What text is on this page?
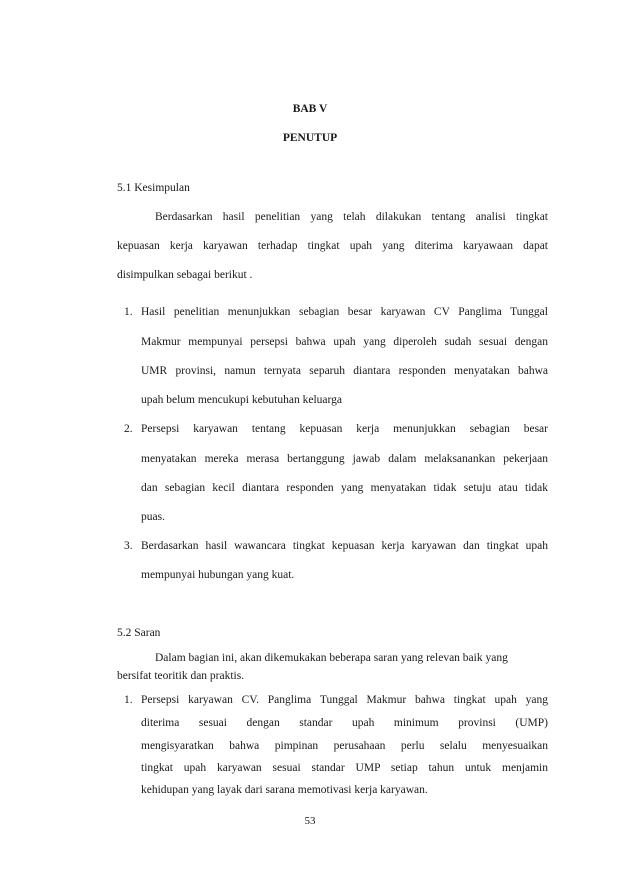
BAB V
PENUTUP
5.1 Kesimpulan
Berdasarkan hasil penelitian yang telah dilakukan tentang analisi tingkat
kepuasan kerja karyawan terhadap tingkat upah yang diterima karyawaan dapat
disimpulkan sebagai berikut .
1. Hasil penelitian menunjukkan sebagian besar karyawan CV Panglima Tunggal
Makmur mempunyai persepsi bahwa upah yang diperoleh sudah sesuai dengan
UMR provinsi, namun ternyata separuh diantara responden menyatakan bahwa
upah belum mencukupi kebutuhan keluarga
2. Persepsi karyawan tentang kepuasan kerja menunjukkan sebagian besar
menyatakan mereka merasa bertanggung jawab dalam melaksanankan pekerjaan
dan sebagian kecil diantara responden yang menyatakan tidak setuju atau tidak
puas.
3. Berdasarkan hasil wawancara tingkat kepuasan kerja karyawan dan tingkat upah
mempunyai hubungan yang kuat.
5.2 Saran
Dalam bagian ini, akan dikemukakan beberapa saran yang relevan baik yang
bersifat teoritik dan praktis.
1. Persepsi karyawan CV. Panglima Tunggal Makmur bahwa tingkat upah yang
diterima sesuai dengan standar upah minimum provinsi (UMP)
mengisyaratkan bahwa pimpinan perusahaan perlu selalu menyesuaikan
tingkat upah karyawan sesuai standar UMP setiap tahun untuk menjamin
kehidupan yang layak dari sarana memotivasi kerja karyawan.
53
